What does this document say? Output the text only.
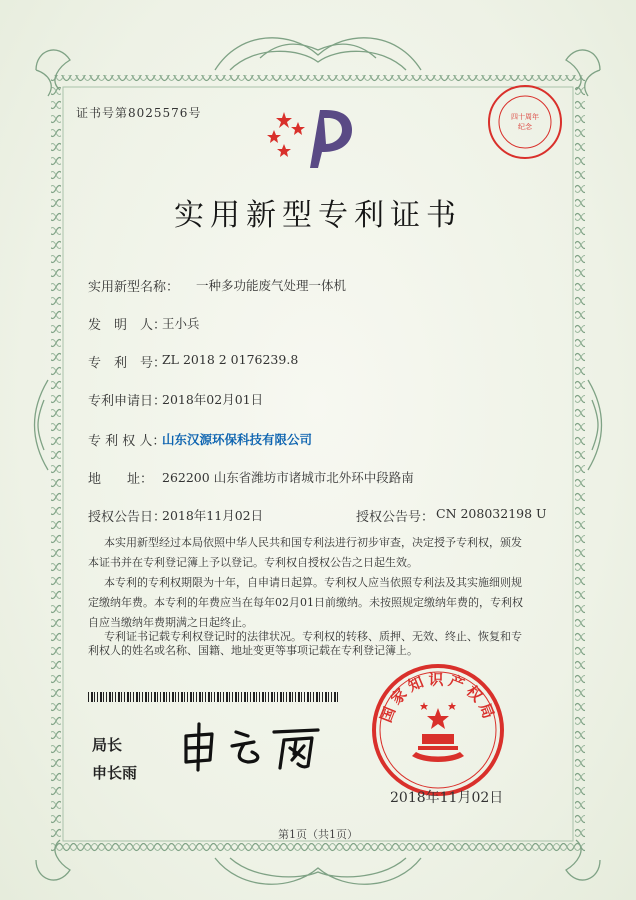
证书号第8025576号	四十周年
纪念
实用新型专利证书
实用新型名称： 一种多功能废气处理一体机
发　明　人：
王小兵
专　利　号：
ZL 2018 2 0176239.8
专利申请日：
2018年02月01日
专 利 权 人：
山东汉源环保科技有限公司
地　　址： 262200 山东省潍坊市诸城市北外环中段路南
授权公告日：
2018年11月02日	授权公告号： CN 208032198 U
本实用新型经过本局依照中华人民共和国专利法进行初步审查，决定授予专利权，颁发
本证书并在专利登记簿上予以登记。专利权自授权公告之日起生效。
本专利的专利权期限为十年，自申请日起算。专利权人应当依照专利法及其实施细则规
定缴纳年费。本专利的年费应当在每年02月01日前缴纳。未按照规定缴纳年费的，专利权
自应当缴纳年费期满之日起终止。
专利证书记载专利权登记时的法律状况。专利权的转移、质押、无效、终止、恢复和专
利权人的姓名或名称、国籍、地址变更等事项记载在专利登记簿上。
局长
申长雨
国家知识产权局
2018年11月02日
第1页（共1页）
